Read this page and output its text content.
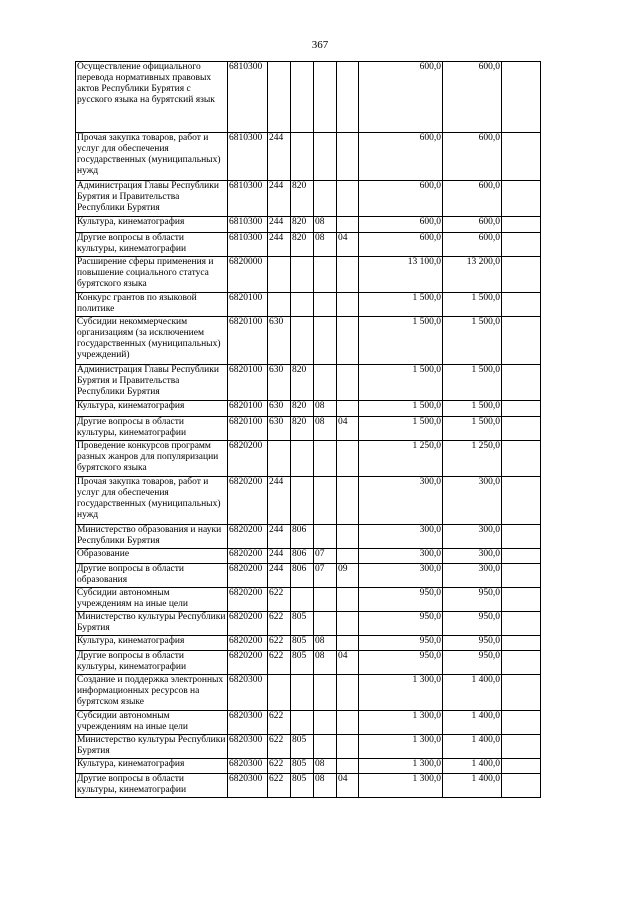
367
Осуществление официального перевода нормативных правовых актов Республики Бурятия с русского языка на бурятский язык	6810300					600,0	600,0	
Прочая закупка товаров, работ и услуг для обеспечения государственных (муниципальных) нужд	6810300	244				600,0	600,0	
Администрация Главы Республики Бурятия и Правительства Республики Бурятия	6810300	244	820			600,0	600,0	
Культура, кинематография	6810300	244	820	08		600,0	600,0	
Другие вопросы в области культуры, кинематографии	6810300	244	820	08	04	600,0	600,0	
Расширение сферы применения и повышение социального статуса бурятского языка	6820000					13 100,0	13 200,0	
Конкурс грантов по языковой политике	6820100					1 500,0	1 500,0	
Субсидии некоммерческим организациям (за исключением государственных (муниципальных) учреждений)	6820100	630				1 500,0	1 500,0	
Администрация Главы Республики Бурятия и Правительства Республики Бурятия	6820100	630	820			1 500,0	1 500,0	
Культура, кинематография	6820100	630	820	08		1 500,0	1 500,0	
Другие вопросы в области культуры, кинематографии	6820100	630	820	08	04	1 500,0	1 500,0	
Проведение конкурсов программ разных жанров для популяризации бурятского языка	6820200					1 250,0	1 250,0	
Прочая закупка товаров, работ и услуг для обеспечения государственных (муниципальных) нужд	6820200	244				300,0	300,0	
Министерство образования и науки Республики Бурятия	6820200	244	806			300,0	300,0	
Образование	6820200	244	806	07		300,0	300,0	
Другие вопросы в области образования	6820200	244	806	07	09	300,0	300,0	
Субсидии автономным учреждениям на иные цели	6820200	622				950,0	950,0	
Министерство культуры Республики Бурятия	6820200	622	805			950,0	950,0	
Культура, кинематография	6820200	622	805	08		950,0	950,0	
Другие вопросы в области культуры, кинематографии	6820200	622	805	08	04	950,0	950,0	
Создание и поддержка электронных информационных ресурсов на бурятском языке	6820300					1 300,0	1 400,0	
Субсидии автономным учреждениям на иные цели	6820300	622				1 300,0	1 400,0	
Министерство культуры Республики Бурятия	6820300	622	805			1 300,0	1 400,0	
Культура, кинематография	6820300	622	805	08		1 300,0	1 400,0	
Другие вопросы в области культуры, кинематографии	6820300	622	805	08	04	1 300,0	1 400,0	
